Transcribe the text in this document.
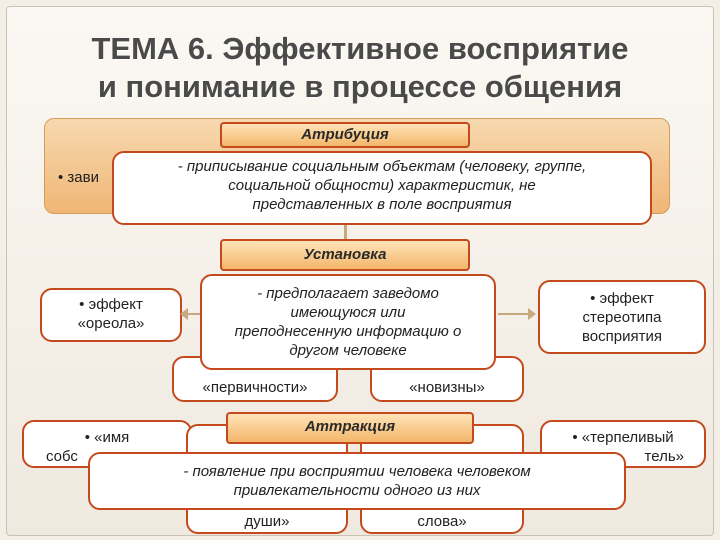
ТЕМА 6. Эффективное восприятие
и понимание в процессе общения
• зави
Атрибуция
- приписывание социальным объектам (человеку, группе,
социальной общности) характеристик, не
представленных в поле восприятия
Установка
• эффект
«ореола»
• эффект
стереотипа
восприятия
«первичности»	«новизны»
- предполагает заведомо
имеющуюся или
преподнесенную информацию о
другом человеке
• «имя
собс
• «терпеливый
тель»
души»	слова»
Аттракция
- появление при восприятии человека человеком
привлекательности одного из них
